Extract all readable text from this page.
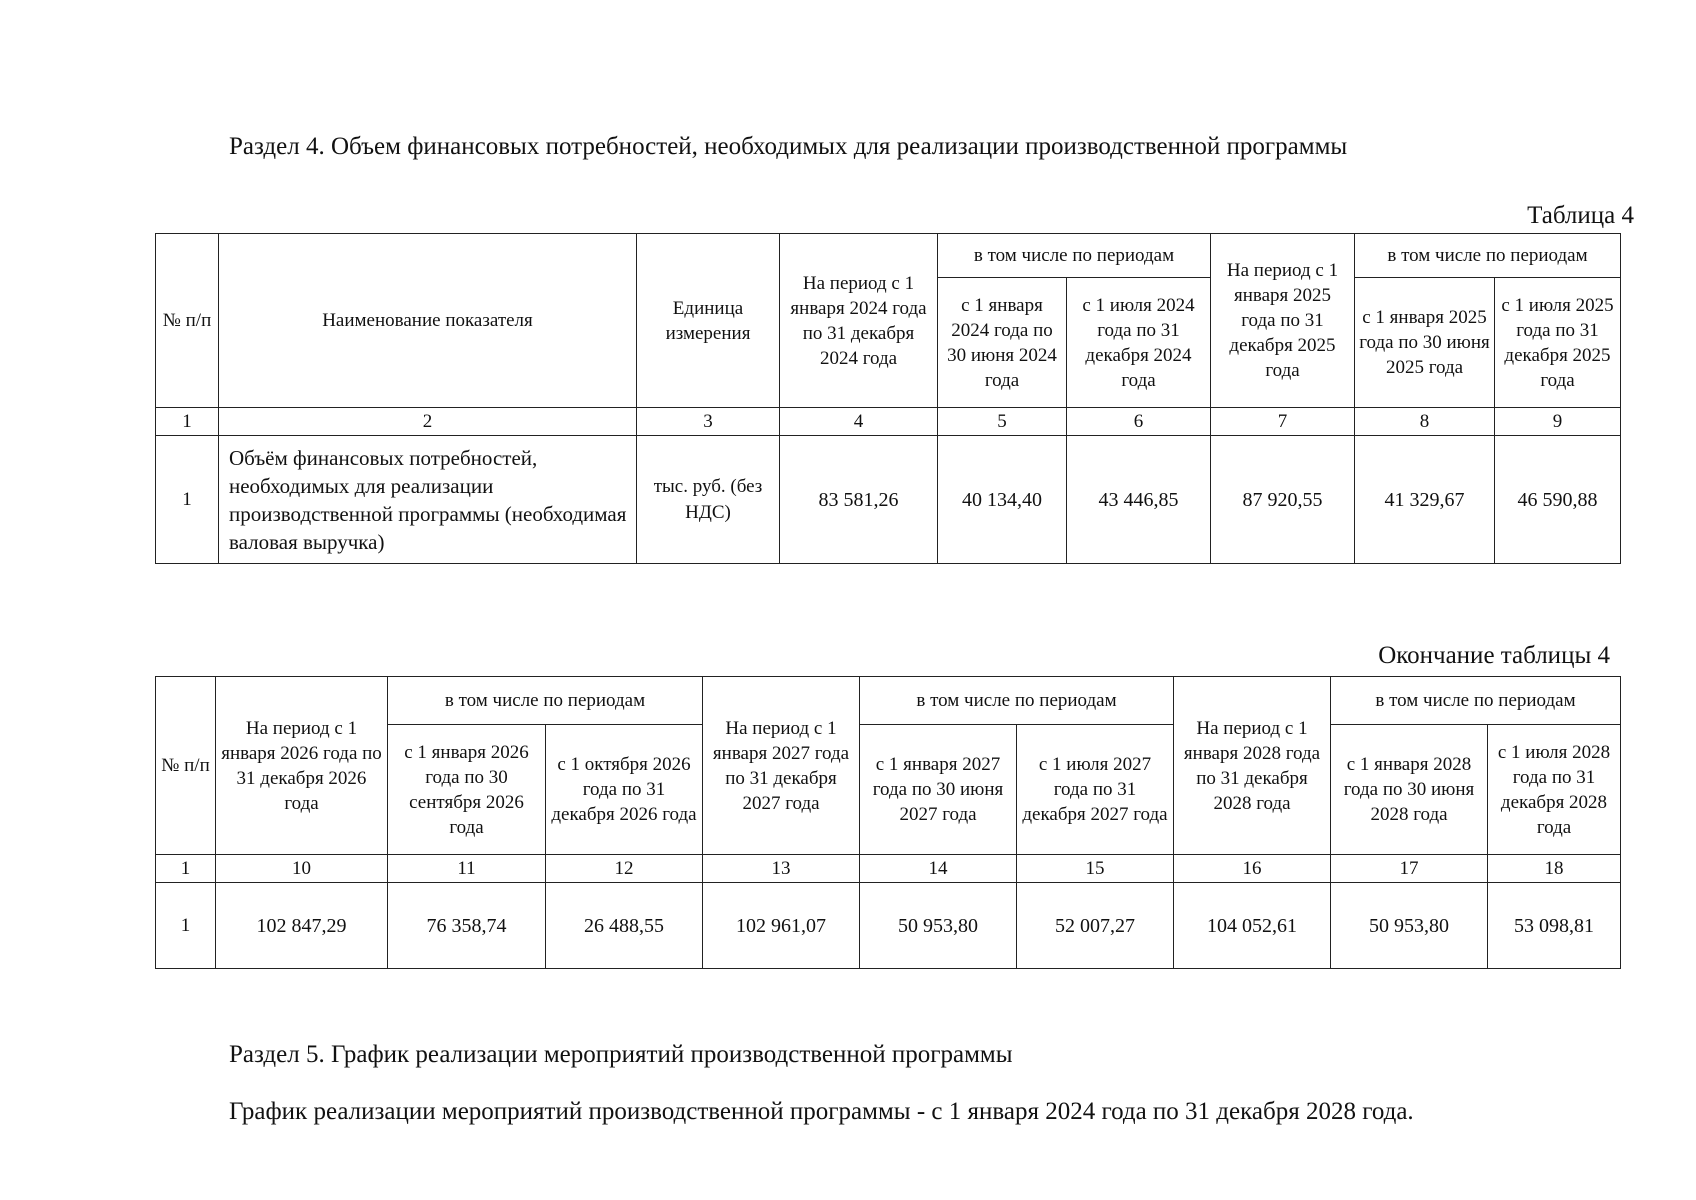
Раздел 4. Объем финансовых потребностей, необходимых для реализации производственной программы
Таблица 4
№ п/п	Наименование показателя	Единица измерения	На период с 1 января 2024 года по 31 декабря 2024 года	в том числе по периодам		На период с 1 января 2025 года по 31 декабря 2025 года	в том числе по периодам	
				с 1 января 2024 года по 30 июня 2024 года	с 1 июля 2024 года по 31 декабря 2024 года		с 1 января 2025 года по 30 июня 2025 года	с 1 июля 2025 года по 31 декабря 2025 года
1	2	3	4	5	6	7	8	9
1	Объём финансовых потребностей, необходимых для реализации производственной программы (необходимая валовая выручка)	тыс. руб. (без НДС)	83 581,26	40 134,40	43 446,85	87 920,55	41 329,67	46 590,88
Окончание таблицы 4
№ п/п	На период с 1 января 2026 года по 31 декабря 2026 года	в том числе по периодам		На период с 1 января 2027 года по 31 декабря 2027 года	в том числе по периодам		На период с 1 января 2028 года по 31 декабря 2028 года	в том числе по периодам	
		с 1 января 2026 года по 30 сентября 2026 года	с 1 октября 2026 года по 31 декабря 2026 года		с 1 января 2027 года по 30 июня 2027 года	с 1 июля 2027 года по 31 декабря 2027 года		с 1 января 2028 года по 30 июня 2028 года	с 1 июля 2028 года по 31 декабря 2028 года
1	10	11	12	13	14	15	16	17	18
1	102 847,29	76 358,74	26 488,55	102 961,07	50 953,80	52 007,27	104 052,61	50 953,80	53 098,81
Раздел 5. График реализации мероприятий производственной программы
График реализации мероприятий производственной программы - с 1 января 2024 года по 31 декабря 2028 года.
